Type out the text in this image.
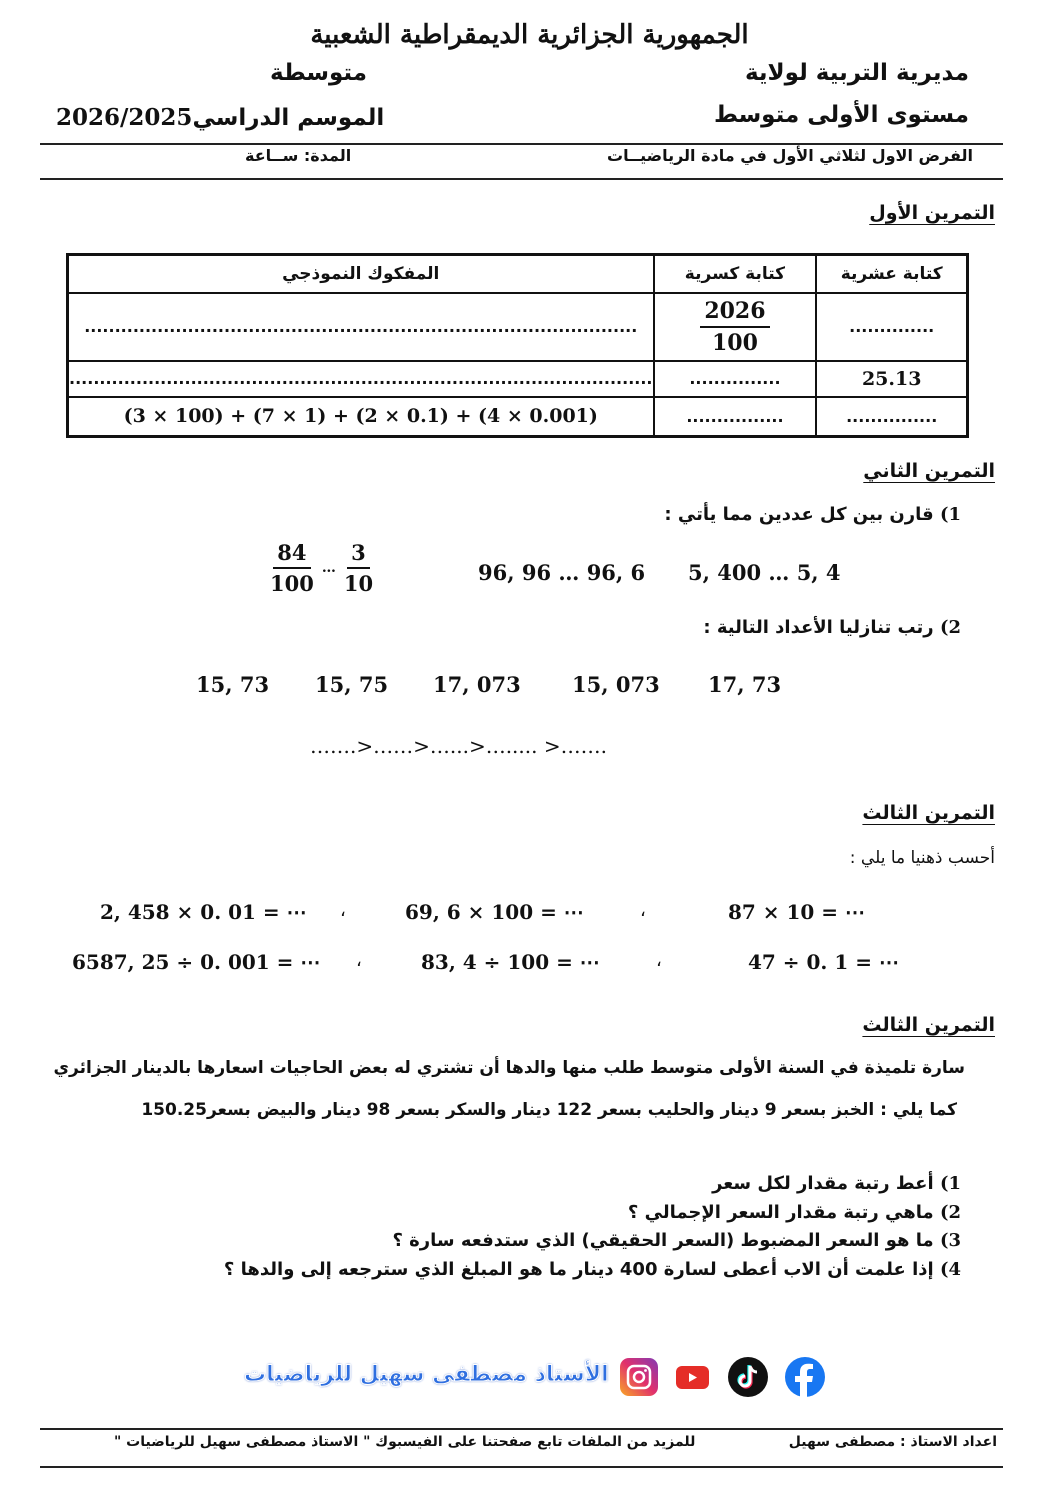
الجمهورية الجزائرية الديمقراطية الشعبية
مديرية التربية لولاية
متوسطة
مستوى الأولى متوسط
الموسم الدراسي2026/2025
الفرض الاول لثلاثي الأول في مادة الرياضيــات
المدة: ســاعة
التمرين الأول
كتابة عشرية	كتابة كسرية	المفكوك النموذجي
..............	$\frac{2026}{100}$	...........................................................................................
25.13	...............	................................................................................................
...............	................	(3 × 100) + (7 × 1) + (2 × 0.1) + (4 × 0.001)
التمرين الثاني
1) قارن بين كل عددين مما يأتي :
5, 400 … 5, 4
96, 96 … 96, 6
$\frac{84}{100}$ … $\frac{3}{10}$
2) رتب تنازليا الأعداد التالية :
17, 73
15, 073
17, 073
15, 75
15, 73
…….>……>…...>…..... >…….
التمرين الثالث
أحسب ذهنيا ما يلي :
87 × 10 = ⋯
،
69, 6 × 100 = ⋯
،
2, 458 × 0. 01 = ⋯
47 ÷ 0. 1 = ⋯
،
83, 4 ÷ 100 = ⋯
،
6587, 25 ÷ 0. 001 = ⋯
التمرين الثالث
سارة تلميذة في السنة الأولى متوسط طلب منها والدها أن تشتري له بعض الحاجيات اسعارها بالدينار الجزائري
كما يلي : الخبز بسعر 9 دينار والحليب بسعر 122 دينار والسكر بسعر 98 دينار والبيض بسعر150.25
1) أعط رتبة مقدار لكل سعر
2) ماهي رتبة مقدار السعر الإجمالي ؟
3) ما هو السعر المضبوط (السعر الحقيقي) الذي ستدفعه سارة ؟
4) إذا علمت أن الاب أعطى لسارة 400 دينار ما هو المبلغ الذي سترجعه إلى والدها ؟
الأستاذ مصطفى سهيل للرياضيات
اعداد الاستاذ : مصطفى سهيل
للمزيد من الملفات تابع صفحتنا على الفيسبوك " الاستاذ مصطفى سهيل للرياضيات "
